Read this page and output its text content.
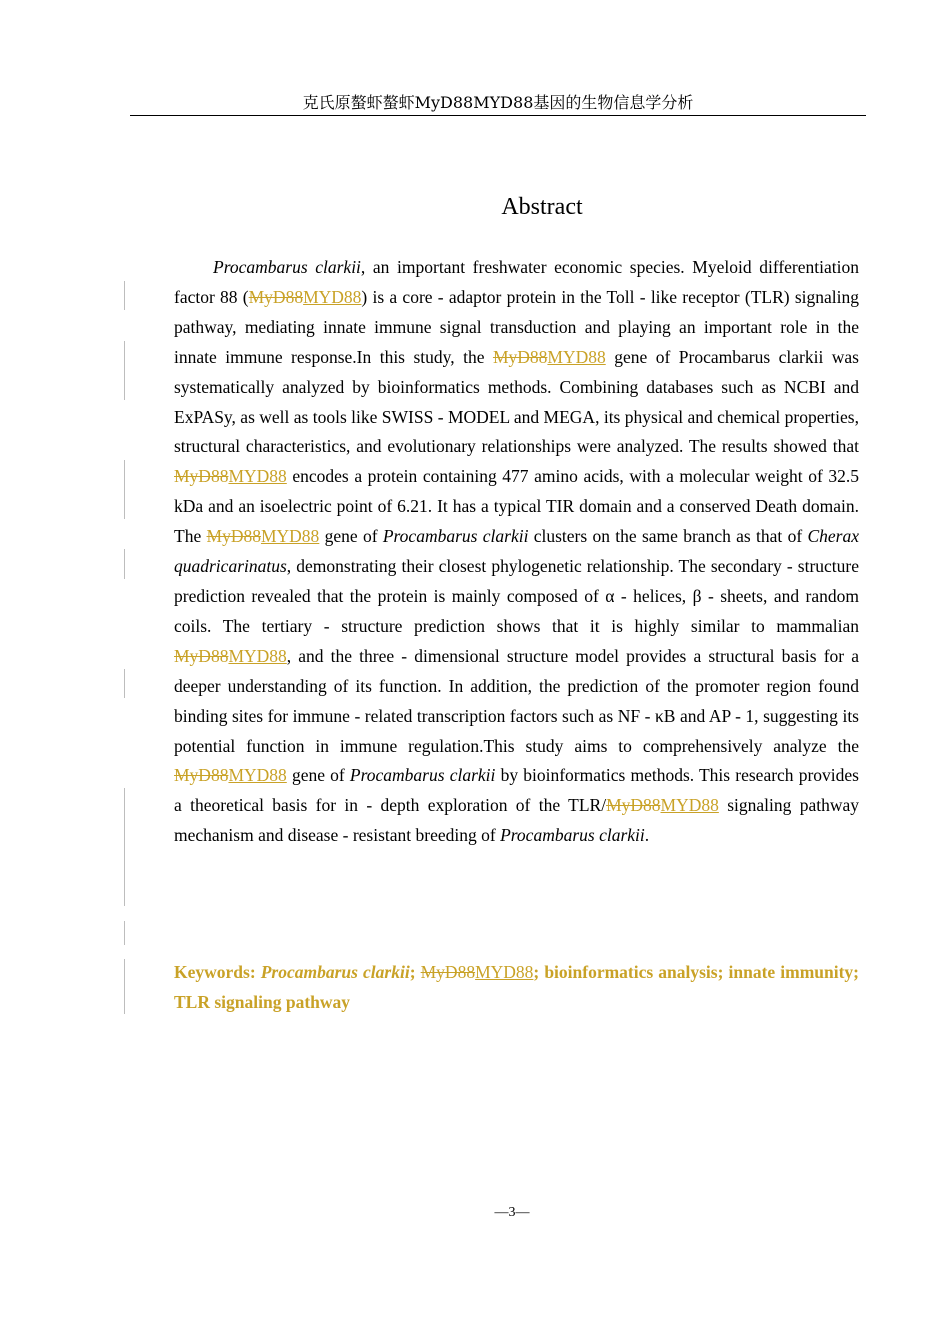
克氏原螯虾螯虾MyD88MYD88基因的生物信息学分析
Abstract

Procambarus clarkii, an important freshwater economic species. Myeloid differentiation factor 88 (MyD88MYD88) is a core - adaptor protein in the Toll - like receptor (TLR) signaling pathway, mediating innate immune signal transduction and playing an important role in the innate immune response.In this study, the MyD88MYD88 gene of Procambarus clarkii was systematically analyzed by bioinformatics methods. Combining databases such as NCBI and ExPASy, as well as tools like SWISS - MODEL and MEGA, its physical and chemical properties, structural characteristics, and evolutionary relationships were analyzed. The results showed that MyD88MYD88 encodes a protein containing 477 amino acids, with a molecular weight of 32.5 kDa and an isoelectric point of 6.21. It has a typical TIR domain and a conserved Death domain. The MyD88MYD88 gene of Procambarus clarkii clusters on the same branch as that of Cherax quadricarinatus, demonstrating their closest phylogenetic relationship. The secondary - structure prediction revealed that the protein is mainly composed of α - helices, β - sheets, and random coils. The tertiary - structure prediction shows that it is highly similar to mammalian MyD88MYD88, and the three - dimensional structure model provides a structural basis for a deeper understanding of its function. In addition, the prediction of the promoter region found binding sites for immune - related transcription factors such as NF - κB and AP - 1, suggesting its potential function in immune regulation.This study aims to comprehensively analyze the MyD88MYD88 gene of Procambarus clarkii by bioinformatics methods. This research provides a theoretical basis for in - depth exploration of the TLR/MyD88MYD88 signaling pathway mechanism and disease - resistant breeding of Procambarus clarkii.

Keywords: Procambarus clarkii; MyD88MYD88; bioinformatics analysis; innate immunity; TLR signaling pathway
—3—
